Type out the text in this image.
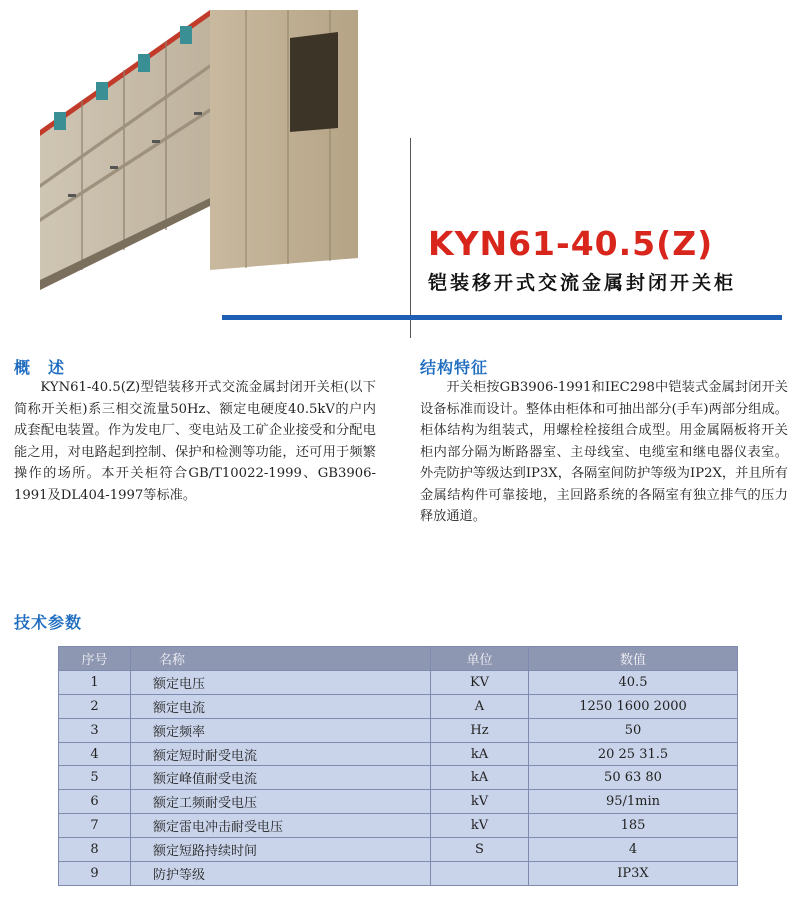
KYN61-40.5(Z)
铠装移开式交流金属封闭开关柜
概　述
KYN61-40.5(Z)型铠装移开式交流金属封闭开关柜(以下简称开关柜)系三相交流量50Hz、额定电硬度40.5kV的户内成套配电装置。作为发电厂、变电站及工矿企业接受和分配电能之用，对电路起到控制、保护和检测等功能，还可用于频繁操作的场所。本开关柜符合GB/T10022-1999、GB3906-1991及DL404-1997等标准。
结构特征
开关柜按GB3906-1991和IEC298中铠装式金属封闭开关设备标准而设计。整体由柜体和可抽出部分(手车)两部分组成。柜体结构为组装式，用螺栓栓接组合成型。用金属隔板将开关柜内部分隔为断路器室、主母线室、电缆室和继电器仪表室。外壳防护等级达到IP3X，各隔室间防护等级为IP2X，并且所有金属结构件可靠接地，主回路系统的各隔室有独立排气的压力释放通道。
技术参数
序号	名称	单位	数值
1	额定电压	KV	40.5
2	额定电流	A	1250 1600 2000
3	额定频率	Hz	50
4	额定短时耐受电流	kA	20 25 31.5
5	额定峰值耐受电流	kA	50 63 80
6	额定工频耐受电压	kV	95/1min
7	额定雷电冲击耐受电压	kV	185
8	额定短路持续时间	S	4
9	防护等级		IP3X
